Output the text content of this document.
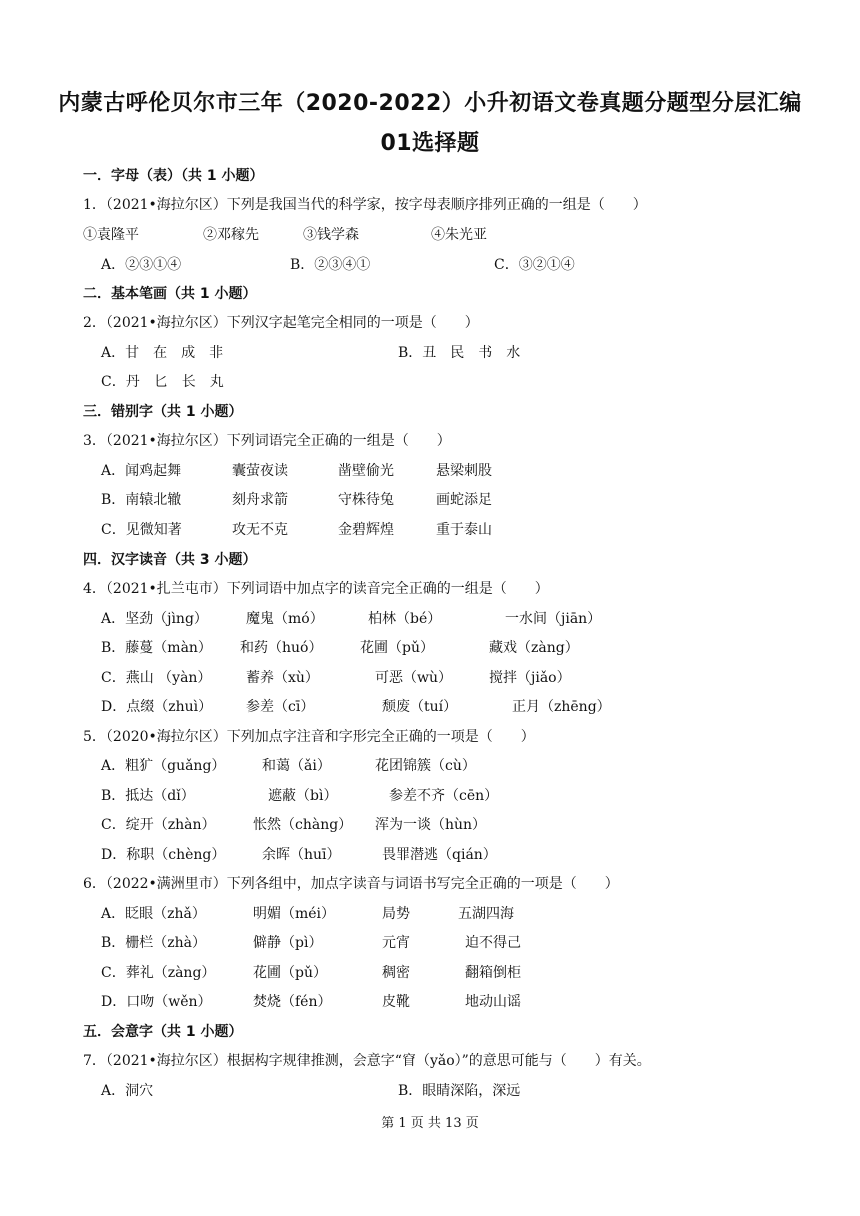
内蒙古呼伦贝尔市三年（2020-2022）小升初语文卷真题分题型分层汇编
01选择题
一．字母（表）（共 1 小题）
1．（2021•海拉尔区）下列是我国当代的科学家，按字母表顺序排列正确的一组是（　　）
①袁隆平	②邓稼先	③钱学森	④朱光亚
A．②③①④	B．②③④①	C．③②①④
二．基本笔画（共 1 小题）
2．（2021•海拉尔区）下列汉字起笔完全相同的一项是（　　）
A．甘　在　成　非	B．丑　民　书　水
C．丹　匕　长　丸
三．错别字（共 1 小题）
3．（2021•海拉尔区）下列词语完全正确的一组是（　　）
A．闻鸡起舞	囊萤夜读	凿壁偷光	悬梁刺股
B．南辕北辙	刻舟求箭	守株待兔	画蛇添足
C．见微知著	攻无不克	金碧辉煌	重于泰山
四．汉字读音（共 3 小题）
4．（2021•扎兰屯市）下列词语中加点字的读音完全正确的一组是（　　）
A．坚劲（jìng）	魔鬼（mó）	柏林（bé）	一水间（jiān）
B．藤蔓（màn） 和药（huó）	花圃（pǔ）	藏戏（zàng）
C．燕山 （yàn） 蓄养（xù）	可恶（wù）	搅拌（jiǎo）
D．点缀（zhuì） 参差（cī）	颓废（tuí）	正月（zhēng）
5．（2020•海拉尔区）下列加点字注音和字形完全正确的一项是（　　）
A．粗犷（guǎng）	和蔼（ǎi）	花团锦簇（cù）
B．抵达（dǐ）	遮蔽（bì）	参差不齐（cēn）
C．绽开（zhàn）	怅然（chàng） 浑为一谈（hùn）
D．称职（chèng）	余晖（huī）	畏罪潜逃（qián）
6．（2022•满洲里市）下列各组中，加点字读音与词语书写完全正确的一项是（　　）
A．眨眼（zhǎ）	明媚（méi）	局势	五湖四海
B．栅栏（zhà）	僻静（pì）	元宵	迫不得己
C．葬礼（zàng）	花圃（pǔ）	稠密	翻箱倒柜
D．口吻（wěn）	焚烧（fén）	皮靴	地动山谣
五．会意字（共 1 小题）
7．（2021•海拉尔区）根据构字规律推测，会意字“窅（yǎo）”的意思可能与（　　）有关。
A．洞穴	B．眼睛深陷，深远
第 1 页 共 13 页
